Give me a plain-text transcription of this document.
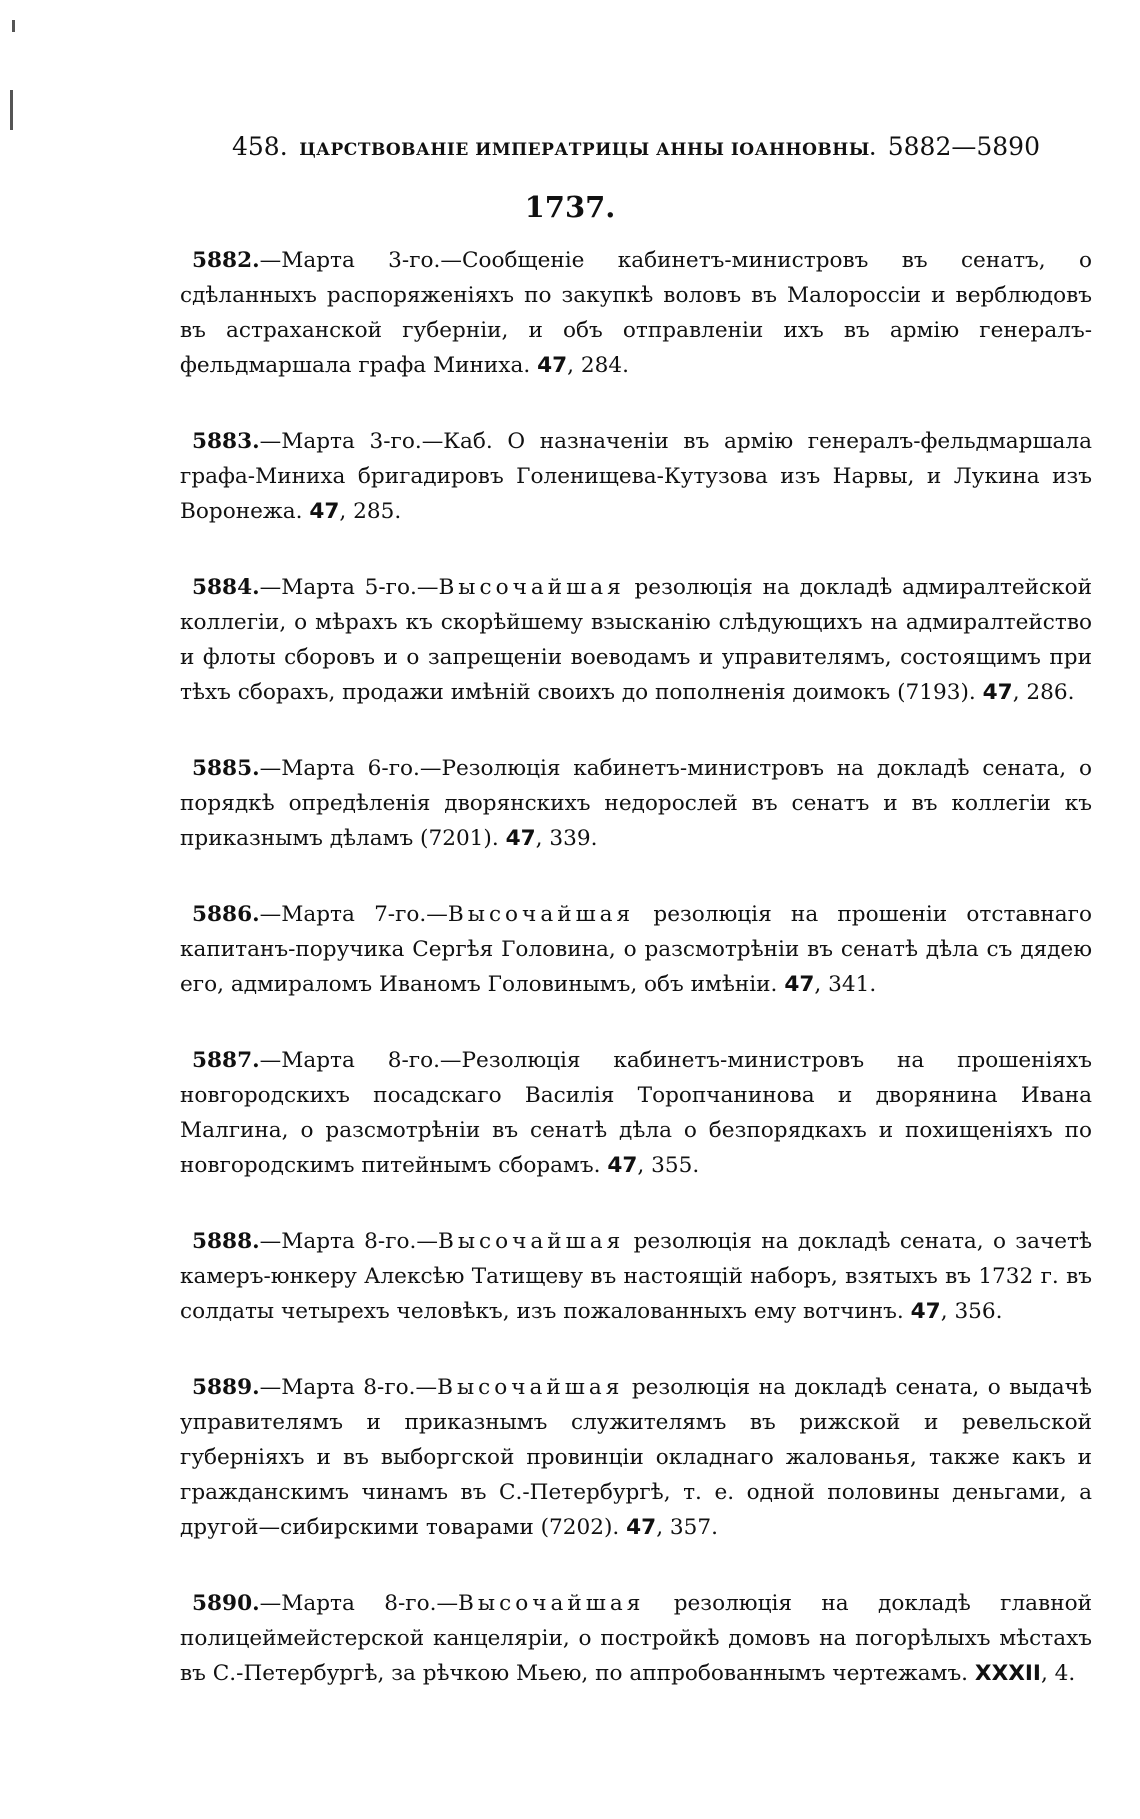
458. ЦАРСТВОВАНІЕ ИМПЕРАТРИЦЫ АННЫ IОАННОВНЫ. 5882—5890
1737.

5882.—Марта 3-го.—Сообщеніе кабинетъ-министровъ въ сенатъ, о сдѣланныхъ распоряженіяхъ по закупкѣ воловъ въ Малороссіи и верблюдовъ въ астраханской губерніи, и объ отправленіи ихъ въ армію генералъ-фельдмаршала графа Миниха. 47, 284.

5883.—Марта 3-го.—Каб. О назначеніи въ армію генералъ-фельдмаршала графа-Миниха бригадировъ Голенищева-Кутузова изъ Нарвы, и Лукина изъ Воронежа. 47, 285.

5884.—Марта 5-го.—Высочайшая резолюція на докладѣ адмиралтейской коллегіи, о мѣрахъ къ скорѣйшему взысканію слѣдующихъ на адмиралтейство и флоты сборовъ и о запрещеніи воеводамъ и управителямъ, состоящимъ при тѣхъ сборахъ, продажи имѣній своихъ до пополненія доимокъ (7193). 47, 286.

5885.—Марта 6-го.—Резолюція кабинетъ-министровъ на докладѣ сената, о порядкѣ опредѣленія дворянскихъ недорослей въ сенатъ и въ коллегіи къ приказнымъ дѣламъ (7201). 47, 339.

5886.—Марта 7-го.—Высочайшая резолюція на прошеніи отставнаго капитанъ-поручика Сергѣя Головина, о разсмотрѣніи въ сенатѣ дѣла съ дядею его, адмираломъ Иваномъ Головинымъ, объ имѣніи. 47, 341.

5887.—Марта 8-го.—Резолюція кабинетъ-министровъ на прошеніяхъ новгородскихъ посадскаго Василія Торопчанинова и дворянина Ивана Малгина, о разсмотрѣніи въ сенатѣ дѣла о безпорядкахъ и похищеніяхъ по новгородскимъ питейнымъ сборамъ. 47, 355.

5888.—Марта 8-го.—Высочайшая резолюція на докладѣ сената, о зачетѣ камеръ-юнкеру Алексѣю Татищеву въ настоящій наборъ, взятыхъ въ 1732 г. въ солдаты четырехъ человѣкъ, изъ пожалованныхъ ему вотчинъ. 47, 356.

5889.—Марта 8-го.—Высочайшая резолюція на докладѣ сената, о выдачѣ управителямъ и приказнымъ служителямъ въ рижской и ревельской губерніяхъ и въ выборгской провинціи окладнаго жалованья, также какъ и гражданскимъ чинамъ въ С.-Петербургѣ, т. е. одной половины деньгами, а другой—сибирскими товарами (7202). 47, 357.

5890.—Марта 8-го.—Высочайшая резолюція на докладѣ главной полицеймейстерской канцеляріи, о постройкѣ домовъ на погорѣлыхъ мѣстахъ въ С.-Петербургѣ, за рѣчкою Мьею, по аппробованнымъ чертежамъ. XXXII, 4.
